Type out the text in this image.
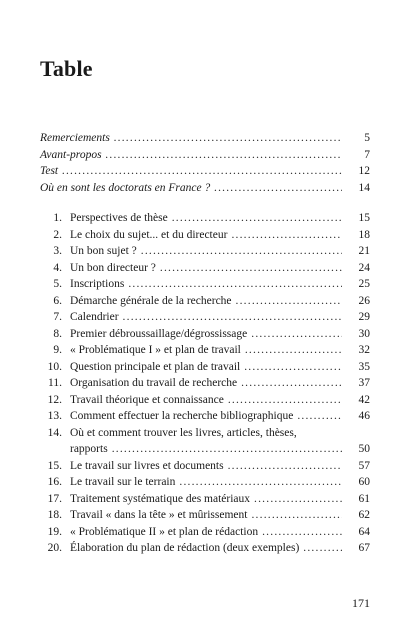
Table
Remerciements .....	5
Avant-propos .....	7
Test .....	12
Où en sont les doctorats en France ? .....	14
1. Perspectives de thèse .....	15
2. Le choix du sujet... et du directeur .....	18
3. Un bon sujet ? .....	21
4. Un bon directeur ? .....	24
5. Inscriptions .....	25
6. Démarche générale de la recherche .....	26
7. Calendrier .....	29
8. Premier débroussaillage/dégrossissage .....	30
9. « Problématique I » et plan de travail .....	32
10. Question principale et plan de travail .....	35
11. Organisation du travail de recherche .....	37
12. Travail théorique et connaissance .....	42
13. Comment effectuer la recherche bibliographique .....	46
14. Où et comment trouver les livres, articles, thèses,
rapports .....	50
15. Le travail sur livres et documents .....	57
16. Le travail sur le terrain .....	60
17. Traitement systématique des matériaux .....	61
18. Travail « dans la tête » et mûrissement .....	62
19. « Problématique II » et plan de rédaction .....	64
20. Élaboration du plan de rédaction (deux exemples) .....	67
171
